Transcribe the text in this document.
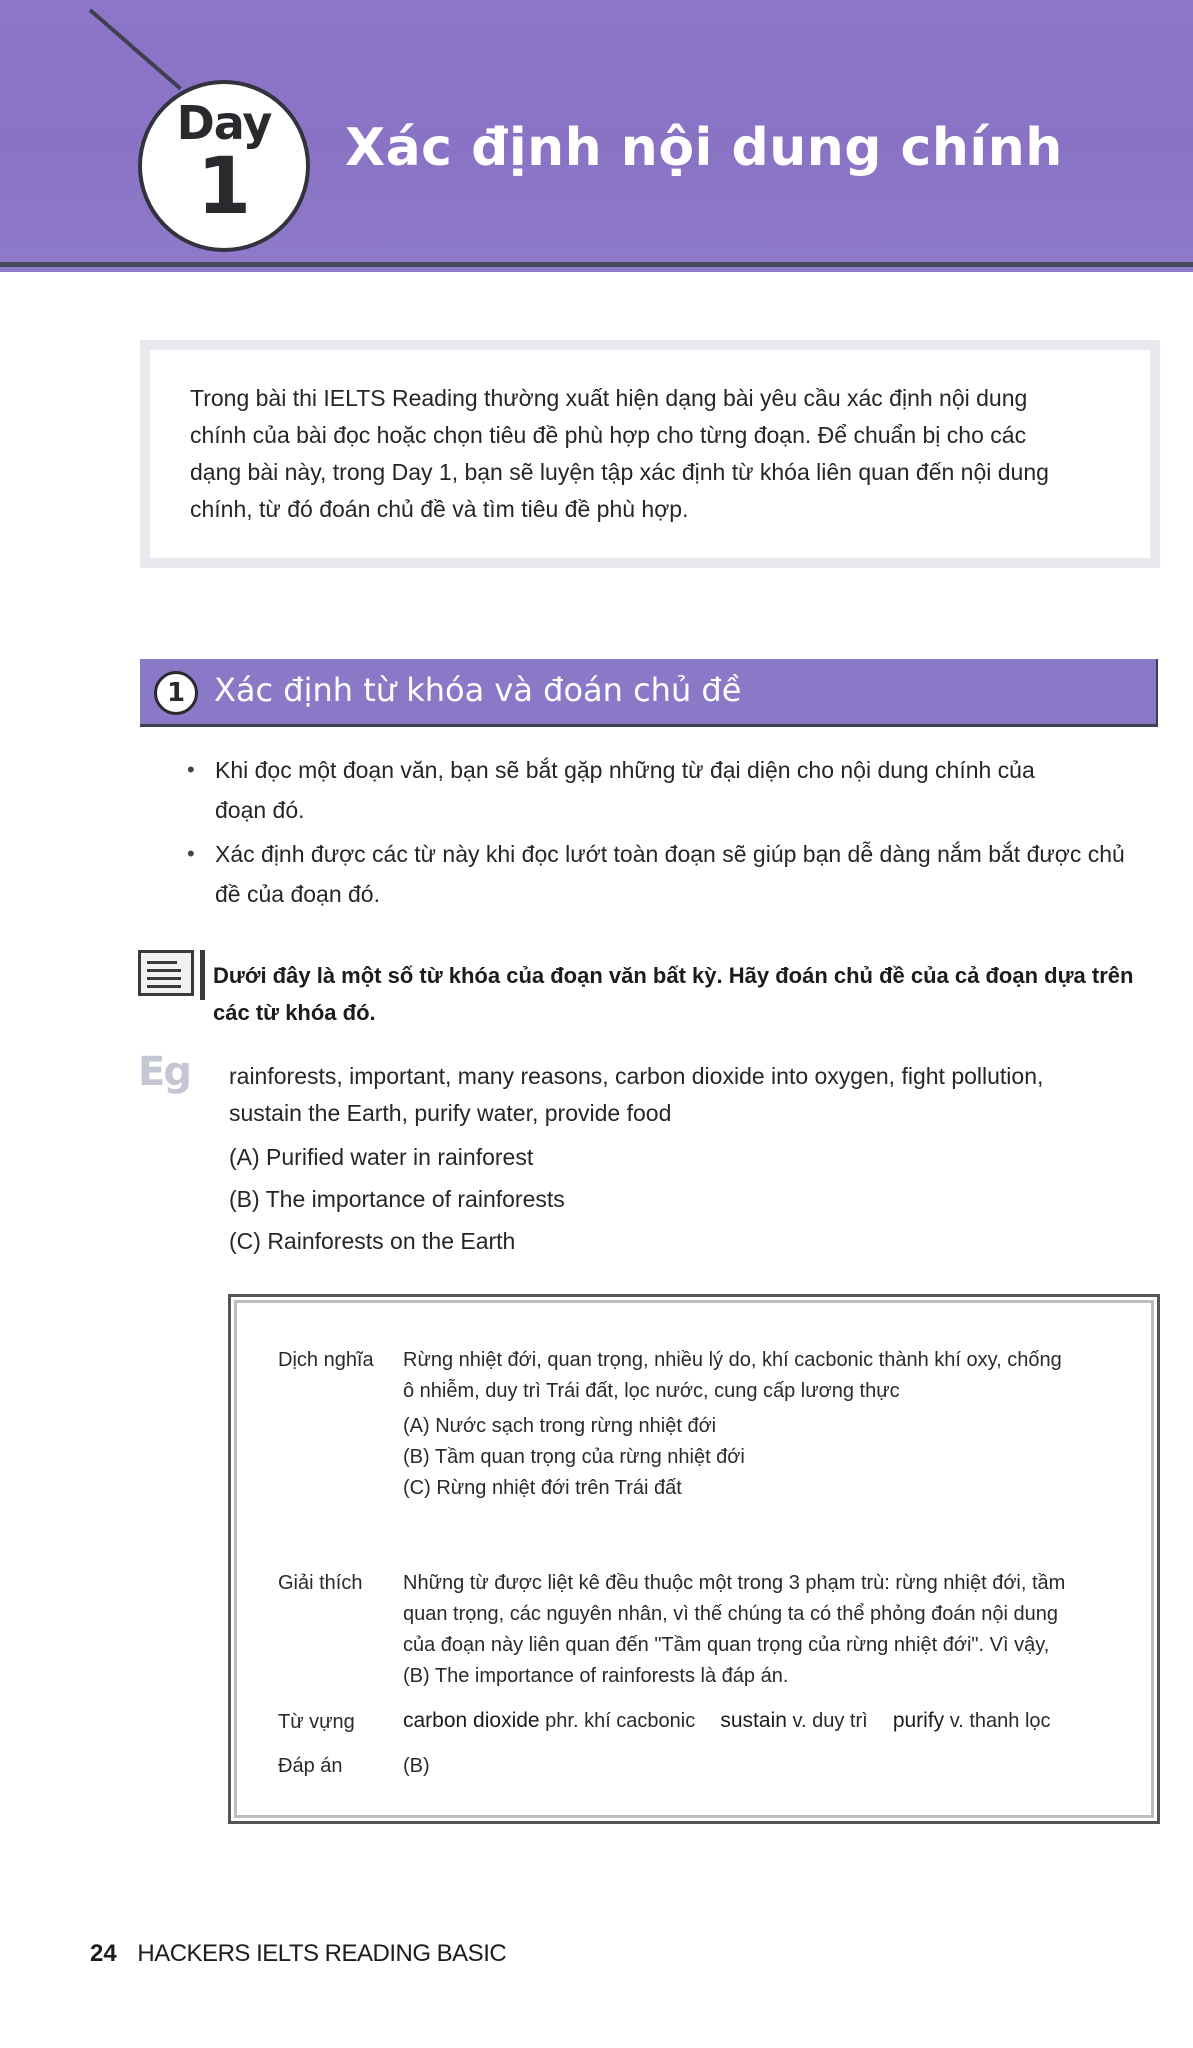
Day
1	Xác định nội dung chính
Trong bài thi IELTS Reading thường xuất hiện dạng bài yêu cầu xác định nội dung
chính của bài đọc hoặc chọn tiêu đề phù hợp cho từng đoạn. Để chuẩn bị cho các
dạng bài này, trong Day 1, bạn sẽ luyện tập xác định từ khóa liên quan đến nội dung
chính, từ đó đoán chủ đề và tìm tiêu đề phù hợp.
1 Xác định từ khóa và đoán chủ đề
• Khi đọc một đoạn văn, bạn sẽ bắt gặp những từ đại diện cho nội dung chính của
đoạn đó.
• Xác định được các từ này khi đọc lướt toàn đoạn sẽ giúp bạn dễ dàng nắm bắt được chủ
đề của đoạn đó.
Dưới đây là một số từ khóa của đoạn văn bất kỳ. Hãy đoán chủ đề của cả đoạn dựa trên
các từ khóa đó.
Eg rainforests, important, many reasons, carbon dioxide into oxygen, fight pollution,
sustain the Earth, purify water, provide food
(A) Purified water in rainforest
(B) The importance of rainforests
(C) Rainforests on the Earth
Dịch nghĩa Rừng nhiệt đới, quan trọng, nhiều lý do, khí cacbonic thành khí oxy, chống
ô nhiễm, duy trì Trái đất, lọc nước, cung cấp lương thực
(A) Nước sạch trong rừng nhiệt đới
(B) Tầm quan trọng của rừng nhiệt đới
(C) Rừng nhiệt đới trên Trái đất
Giải thích Những từ được liệt kê đều thuộc một trong 3 phạm trù: rừng nhiệt đới, tầm
quan trọng, các nguyên nhân, vì thế chúng ta có thể phỏng đoán nội dung
của đoạn này liên quan đến "Tầm quan trọng của rừng nhiệt đới". Vì vậy,
(B) The importance of rainforests là đáp án.
Từ vựng carbon dioxide phr. khí cacbonic sustain v. duy trì purify v. thanh lọc
Đáp án	(B)
24 HACKERS IELTS READING BASIC
